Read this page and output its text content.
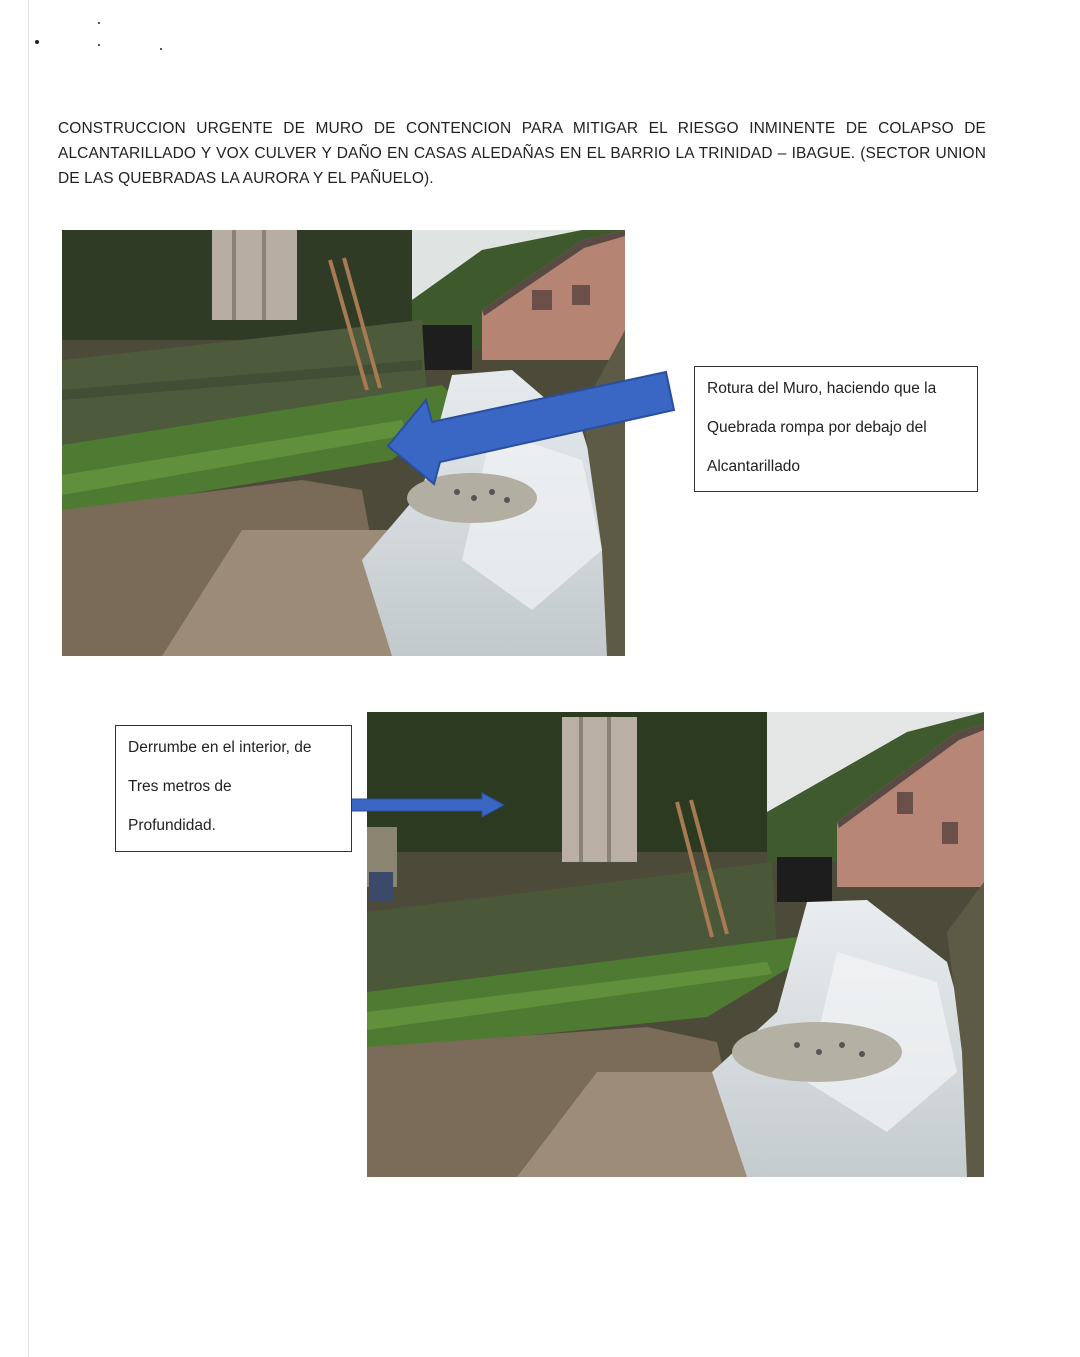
CONSTRUCCION URGENTE DE MURO DE CONTENCION PARA MITIGAR EL RIESGO INMINENTE DE COLAPSO DE ALCANTARILLADO Y VOX CULVER Y DAÑO EN CASAS ALEDAÑAS EN EL BARRIO LA TRINIDAD – IBAGUE. (SECTOR UNION DE LAS QUEBRADAS LA AURORA Y EL PAÑUELO).
Rotura del Muro, haciendo que la
Quebrada rompa por debajo del
Alcantarillado
Derrumbe en el interior, de
Tres metros de
Profundidad.
